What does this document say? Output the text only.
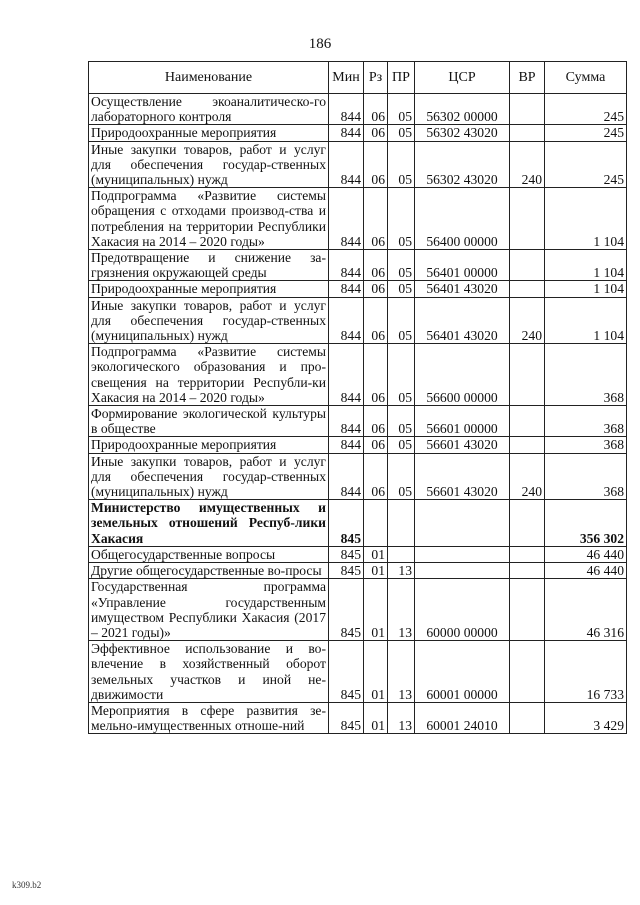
186
Наименование	Мин	Рз	ПР	ЦСР	ВР	Сумма
Осуществление экоаналитическо-го лабораторного контроля	844	06	05	56302 00000		245
Природоохранные мероприятия	844	06	05	56302 43020		245
Иные закупки товаров, работ и услуг для обеспечения государ-ственных (муниципальных) нужд	844	06	05	56302 43020	240	245
Подпрограмма «Развитие системы обращения с отходами производ-ства и потребления на территории Республики Хакасия на 2014 – 2020 годы»	844	06	05	56400 00000		1 104
Предотвращение и снижение за-грязнения окружающей среды	844	06	05	56401 00000		1 104
Природоохранные мероприятия	844	06	05	56401 43020		1 104
Иные закупки товаров, работ и услуг для обеспечения государ-ственных (муниципальных) нужд	844	06	05	56401 43020	240	1 104
Подпрограмма «Развитие системы экологического образования и про-свещения на территории Республи-ки Хакасия на 2014 – 2020 годы»	844	06	05	56600 00000		368
Формирование экологической культуры в обществе	844	06	05	56601 00000		368
Природоохранные мероприятия	844	06	05	56601 43020		368
Иные закупки товаров, работ и услуг для обеспечения государ-ственных (муниципальных) нужд	844	06	05	56601 43020	240	368
Министерство имущественных и земельных отношений Респуб-лики Хакасия	845					356 302
Общегосударственные вопросы	845	01				46 440
Другие общегосударственные во-просы	845	01	13			46 440
Государственная программа «Управление государственным имуществом Республики Хакасия (2017 – 2021 годы)»	845	01	13	60000 00000		46 316
Эффективное использование и во-влечение в хозяйственный оборот земельных участков и иной не-движимости	845	01	13	60001 00000		16 733
Мероприятия в сфере развития зе-мельно-имущественных отноше-ний	845	01	13	60001 24010		3 429
k309.b2
